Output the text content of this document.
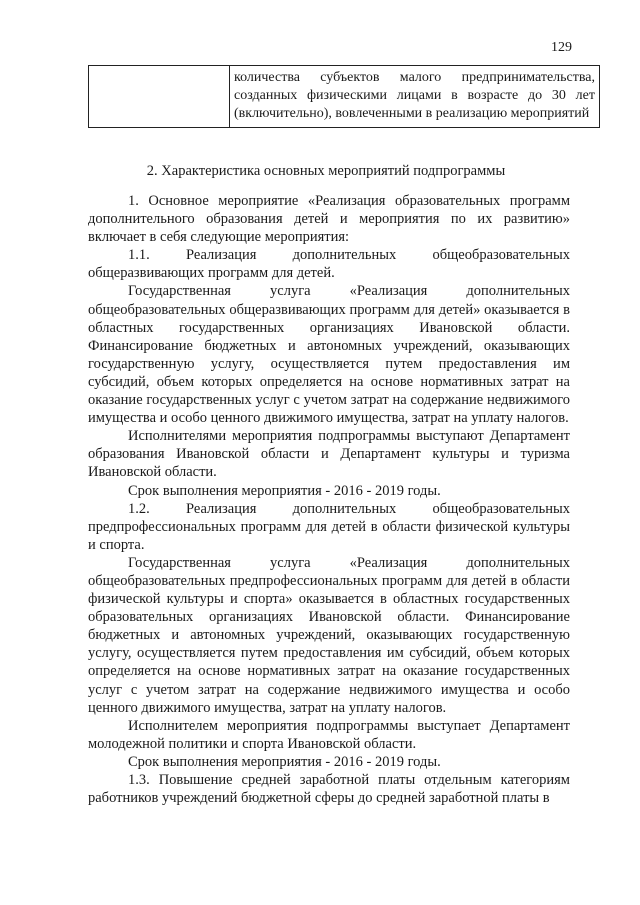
129
	количества субъектов малого предпринимательства, созданных физическими лицами в возрасте до 30 лет (включительно), вовлеченными в реализацию мероприятий
2. Характеристика основных мероприятий подпрограммы

1. Основное мероприятие «Реализация образовательных программ дополнительного образования детей и мероприятия по их развитию» включает в себя следующие мероприятия:

1.1. Реализация дополнительных общеобразовательных общеразвивающих программ для детей.

Государственная услуга «Реализация дополнительных общеобразовательных общеразвивающих программ для детей» оказывается в областных государственных организациях Ивановской области. Финансирование бюджетных и автономных учреждений, оказывающих государственную услугу, осуществляется путем предоставления им субсидий, объем которых определяется на основе нормативных затрат на оказание государственных услуг с учетом затрат на содержание недвижимого имущества и особо ценного движимого имущества, затрат на уплату налогов.

Исполнителями мероприятия подпрограммы выступают Департамент образования Ивановской области и Департамент культуры и туризма Ивановской области.

Срок выполнения мероприятия - 2016 - 2019 годы.

1.2. Реализация дополнительных общеобразовательных предпрофессиональных программ для детей в области физической культуры и спорта.

Государственная услуга «Реализация дополнительных общеобразовательных предпрофессиональных программ для детей в области физической культуры и спорта» оказывается в областных государственных образовательных организациях Ивановской области. Финансирование бюджетных и автономных учреждений, оказывающих государственную услугу, осуществляется путем предоставления им субсидий, объем которых определяется на основе нормативных затрат на оказание государственных услуг с учетом затрат на содержание недвижимого имущества и особо ценного движимого имущества, затрат на уплату налогов.

Исполнителем мероприятия подпрограммы выступает Департамент молодежной политики и спорта Ивановской области.

Срок выполнения мероприятия - 2016 - 2019 годы.

1.3. Повышение средней заработной платы отдельным категориям работников учреждений бюджетной сферы до средней заработной платы в
